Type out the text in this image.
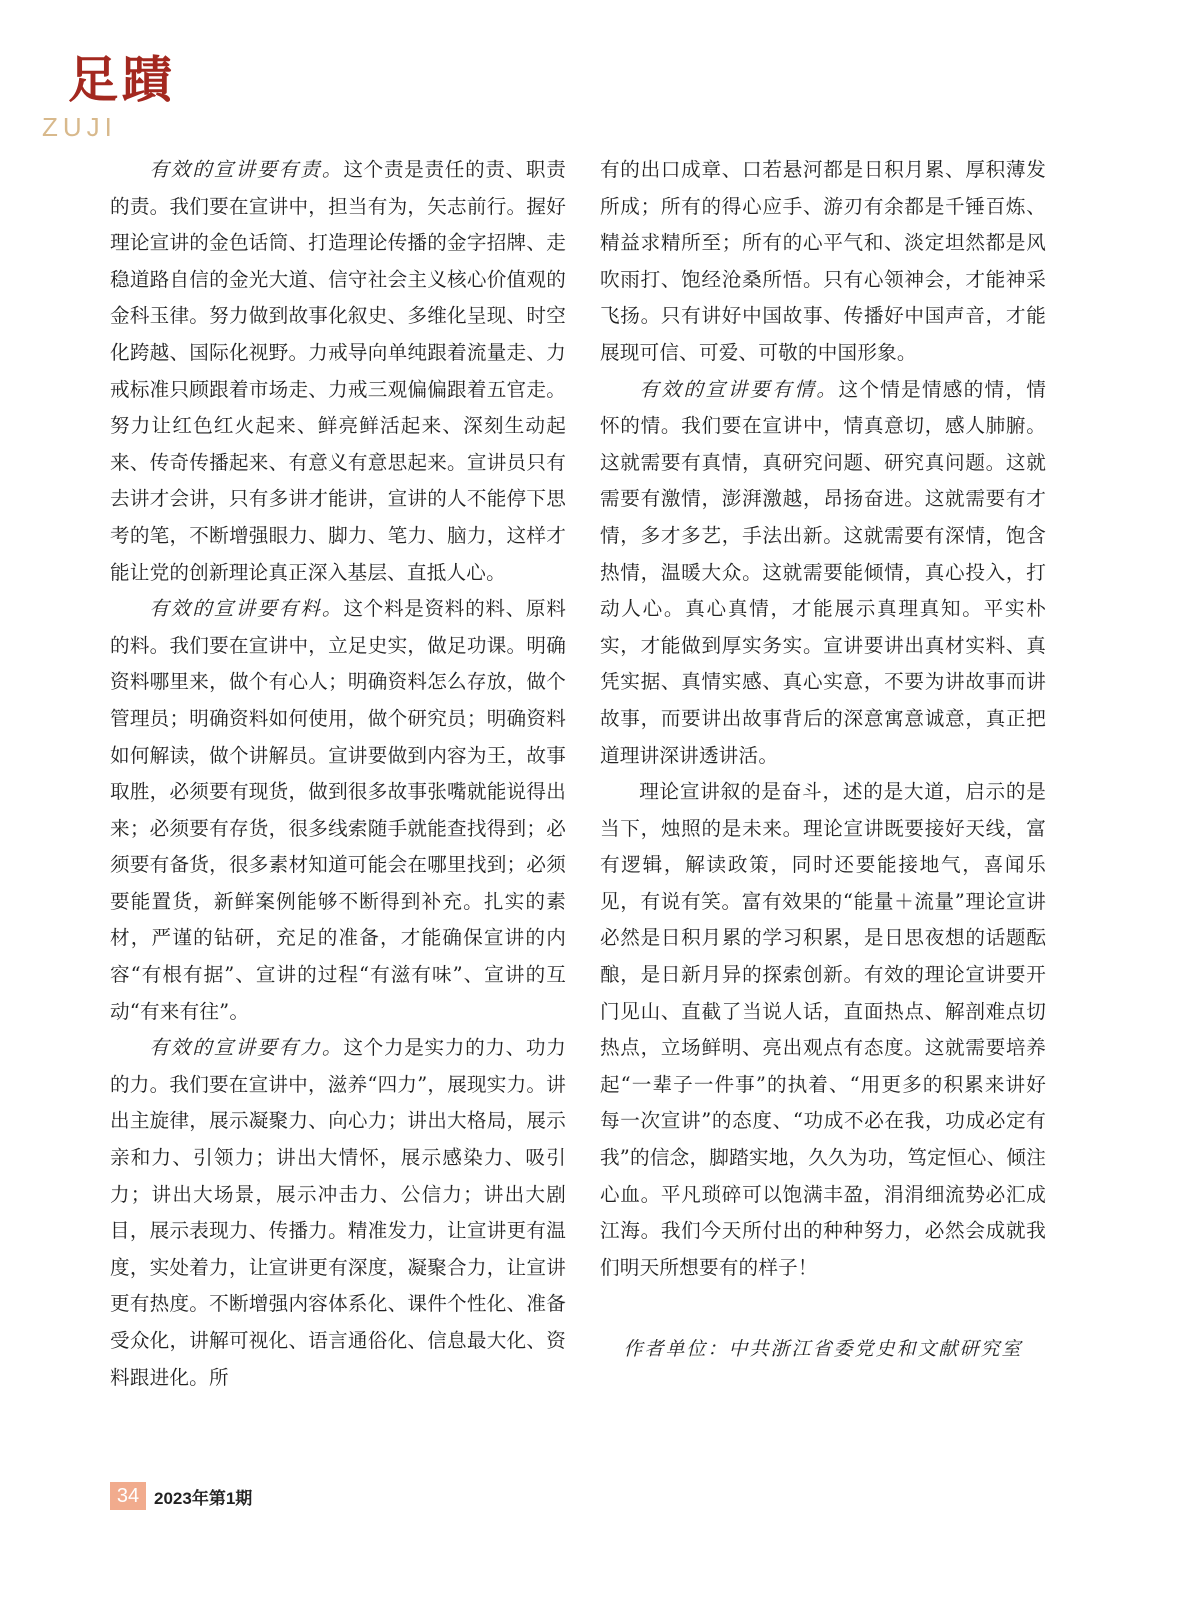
足蹟
ZUJI

有效的宣讲要有责。这个责是责任的责、职责的责。我们要在宣讲中，担当有为，矢志前行。握好理论宣讲的金色话筒、打造理论传播的金字招牌、走稳道路自信的金光大道、信守社会主义核心价值观的金科玉律。努力做到故事化叙史、多维化呈现、时空化跨越、国际化视野。力戒导向单纯跟着流量走、力戒标准只顾跟着市场走、力戒三观偏偏跟着五官走。努力让红色红火起来、鲜亮鲜活起来、深刻生动起来、传奇传播起来、有意义有意思起来。宣讲员只有去讲才会讲，只有多讲才能讲，宣讲的人不能停下思考的笔，不断增强眼力、脚力、笔力、脑力，这样才能让党的创新理论真正深入基层、直抵人心。

有效的宣讲要有料。这个料是资料的料、原料的料。我们要在宣讲中，立足史实，做足功课。明确资料哪里来，做个有心人；明确资料怎么存放，做个管理员；明确资料如何使用，做个研究员；明确资料如何解读，做个讲解员。宣讲要做到内容为王，故事取胜，必须要有现货，做到很多故事张嘴就能说得出来；必须要有存货，很多线索随手就能查找得到；必须要有备货，很多素材知道可能会在哪里找到；必须要能置货，新鲜案例能够不断得到补充。扎实的素材，严谨的钻研，充足的准备，才能确保宣讲的内容“有根有据”、宣讲的过程“有滋有味”、宣讲的互动“有来有往”。

有效的宣讲要有力。这个力是实力的力、功力的力。我们要在宣讲中，滋养“四力”，展现实力。讲出主旋律，展示凝聚力、向心力；讲出大格局，展示亲和力、引领力；讲出大情怀，展示感染力、吸引力；讲出大场景，展示冲击力、公信力；讲出大剧目，展示表现力、传播力。精准发力，让宣讲更有温度，实处着力，让宣讲更有深度，凝聚合力，让宣讲更有热度。不断增强内容体系化、课件个性化、准备受众化，讲解可视化、语言通俗化、信息最大化、资料跟进化。所

有的出口成章、口若悬河都是日积月累、厚积薄发所成；所有的得心应手、游刃有余都是千锤百炼、精益求精所至；所有的心平气和、淡定坦然都是风吹雨打、饱经沧桑所悟。只有心领神会，才能神采飞扬。只有讲好中国故事、传播好中国声音，才能展现可信、可爱、可敬的中国形象。

有效的宣讲要有情。这个情是情感的情，情怀的情。我们要在宣讲中，情真意切，感人肺腑。这就需要有真情，真研究问题、研究真问题。这就需要有激情，澎湃激越，昂扬奋进。这就需要有才情，多才多艺，手法出新。这就需要有深情，饱含热情，温暖大众。这就需要能倾情，真心投入，打动人心。真心真情，才能展示真理真知。平实朴实，才能做到厚实务实。宣讲要讲出真材实料、真凭实据、真情实感、真心实意，不要为讲故事而讲故事，而要讲出故事背后的深意寓意诚意，真正把道理讲深讲透讲活。

理论宣讲叙的是奋斗，述的是大道，启示的是当下，烛照的是未来。理论宣讲既要接好天线，富有逻辑，解读政策，同时还要能接地气，喜闻乐见，有说有笑。富有效果的“能量＋流量”理论宣讲必然是日积月累的学习积累，是日思夜想的话题酝酿，是日新月异的探索创新。有效的理论宣讲要开门见山、直截了当说人话，直面热点、解剖难点切热点，立场鲜明、亮出观点有态度。这就需要培养起“一辈子一件事”的执着、“用更多的积累来讲好每一次宣讲”的态度、“功成不必在我，功成必定有我”的信念，脚踏实地，久久为功，笃定恒心、倾注心血。平凡琐碎可以饱满丰盈，涓涓细流势必汇成江海。我们今天所付出的种种努力，必然会成就我们明天所想要有的样子！

作者单位：中共浙江省委党史和文献研究室
34 2023年第1期
